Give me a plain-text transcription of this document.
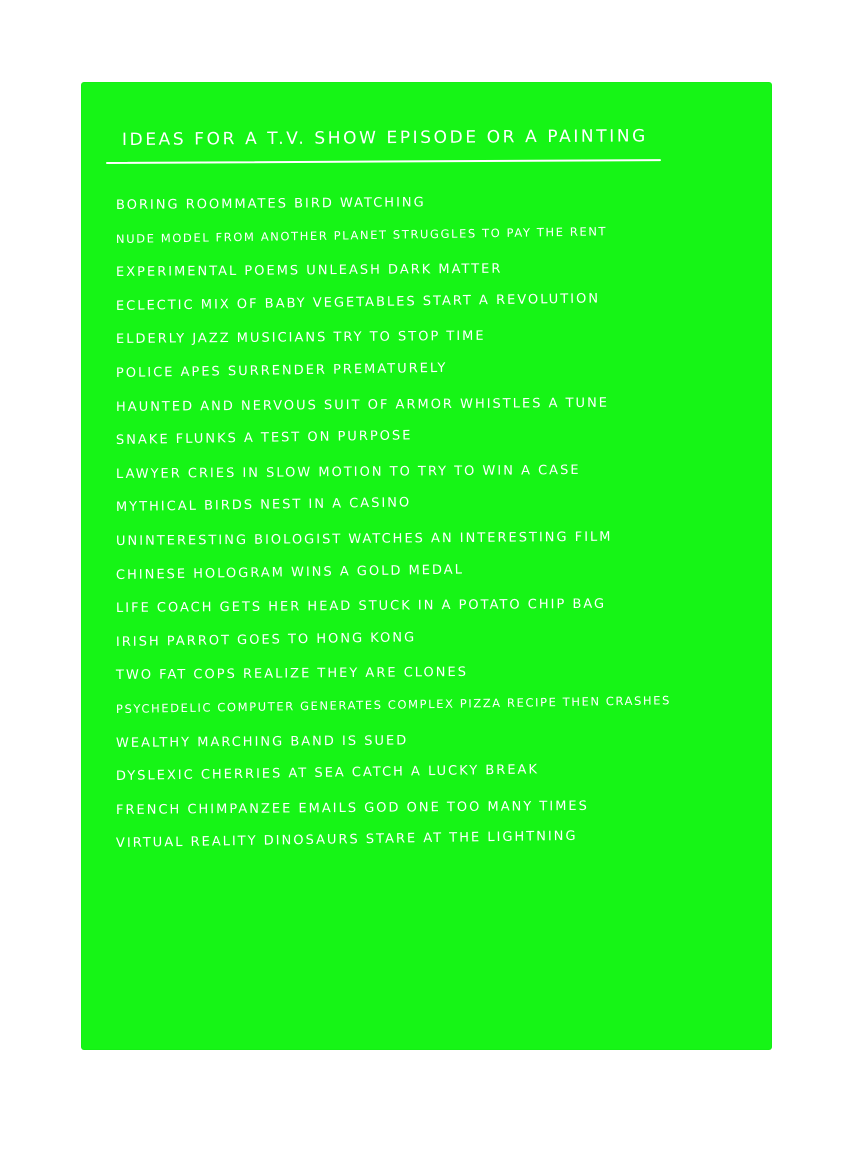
IDEAS FOR A T.V. SHOW EPISODE OR A PAINTING
BORING ROOMMATES BIRD WATCHING
NUDE MODEL FROM ANOTHER PLANET STRUGGLES TO PAY THE RENT
EXPERIMENTAL POEMS UNLEASH DARK MATTER
ECLECTIC MIX OF BABY VEGETABLES START A REVOLUTION
ELDERLY JAZZ MUSICIANS TRY TO STOP TIME
POLICE APES SURRENDER PREMATURELY
HAUNTED AND NERVOUS SUIT OF ARMOR WHISTLES A TUNE
SNAKE FLUNKS A TEST ON PURPOSE
LAWYER CRIES IN SLOW MOTION TO TRY TO WIN A CASE
MYTHICAL BIRDS NEST IN A CASINO
UNINTERESTING BIOLOGIST WATCHES AN INTERESTING FILM
CHINESE HOLOGRAM WINS A GOLD MEDAL
LIFE COACH GETS HER HEAD STUCK IN A POTATO CHIP BAG
IRISH PARROT GOES TO HONG KONG
TWO FAT COPS REALIZE THEY ARE CLONES
PSYCHEDELIC COMPUTER GENERATES COMPLEX PIZZA RECIPE THEN CRASHES
WEALTHY MARCHING BAND IS SUED
DYSLEXIC CHERRIES AT SEA CATCH A LUCKY BREAK
FRENCH CHIMPANZEE EMAILS GOD ONE TOO MANY TIMES
VIRTUAL REALITY DINOSAURS STARE AT THE LIGHTNING
